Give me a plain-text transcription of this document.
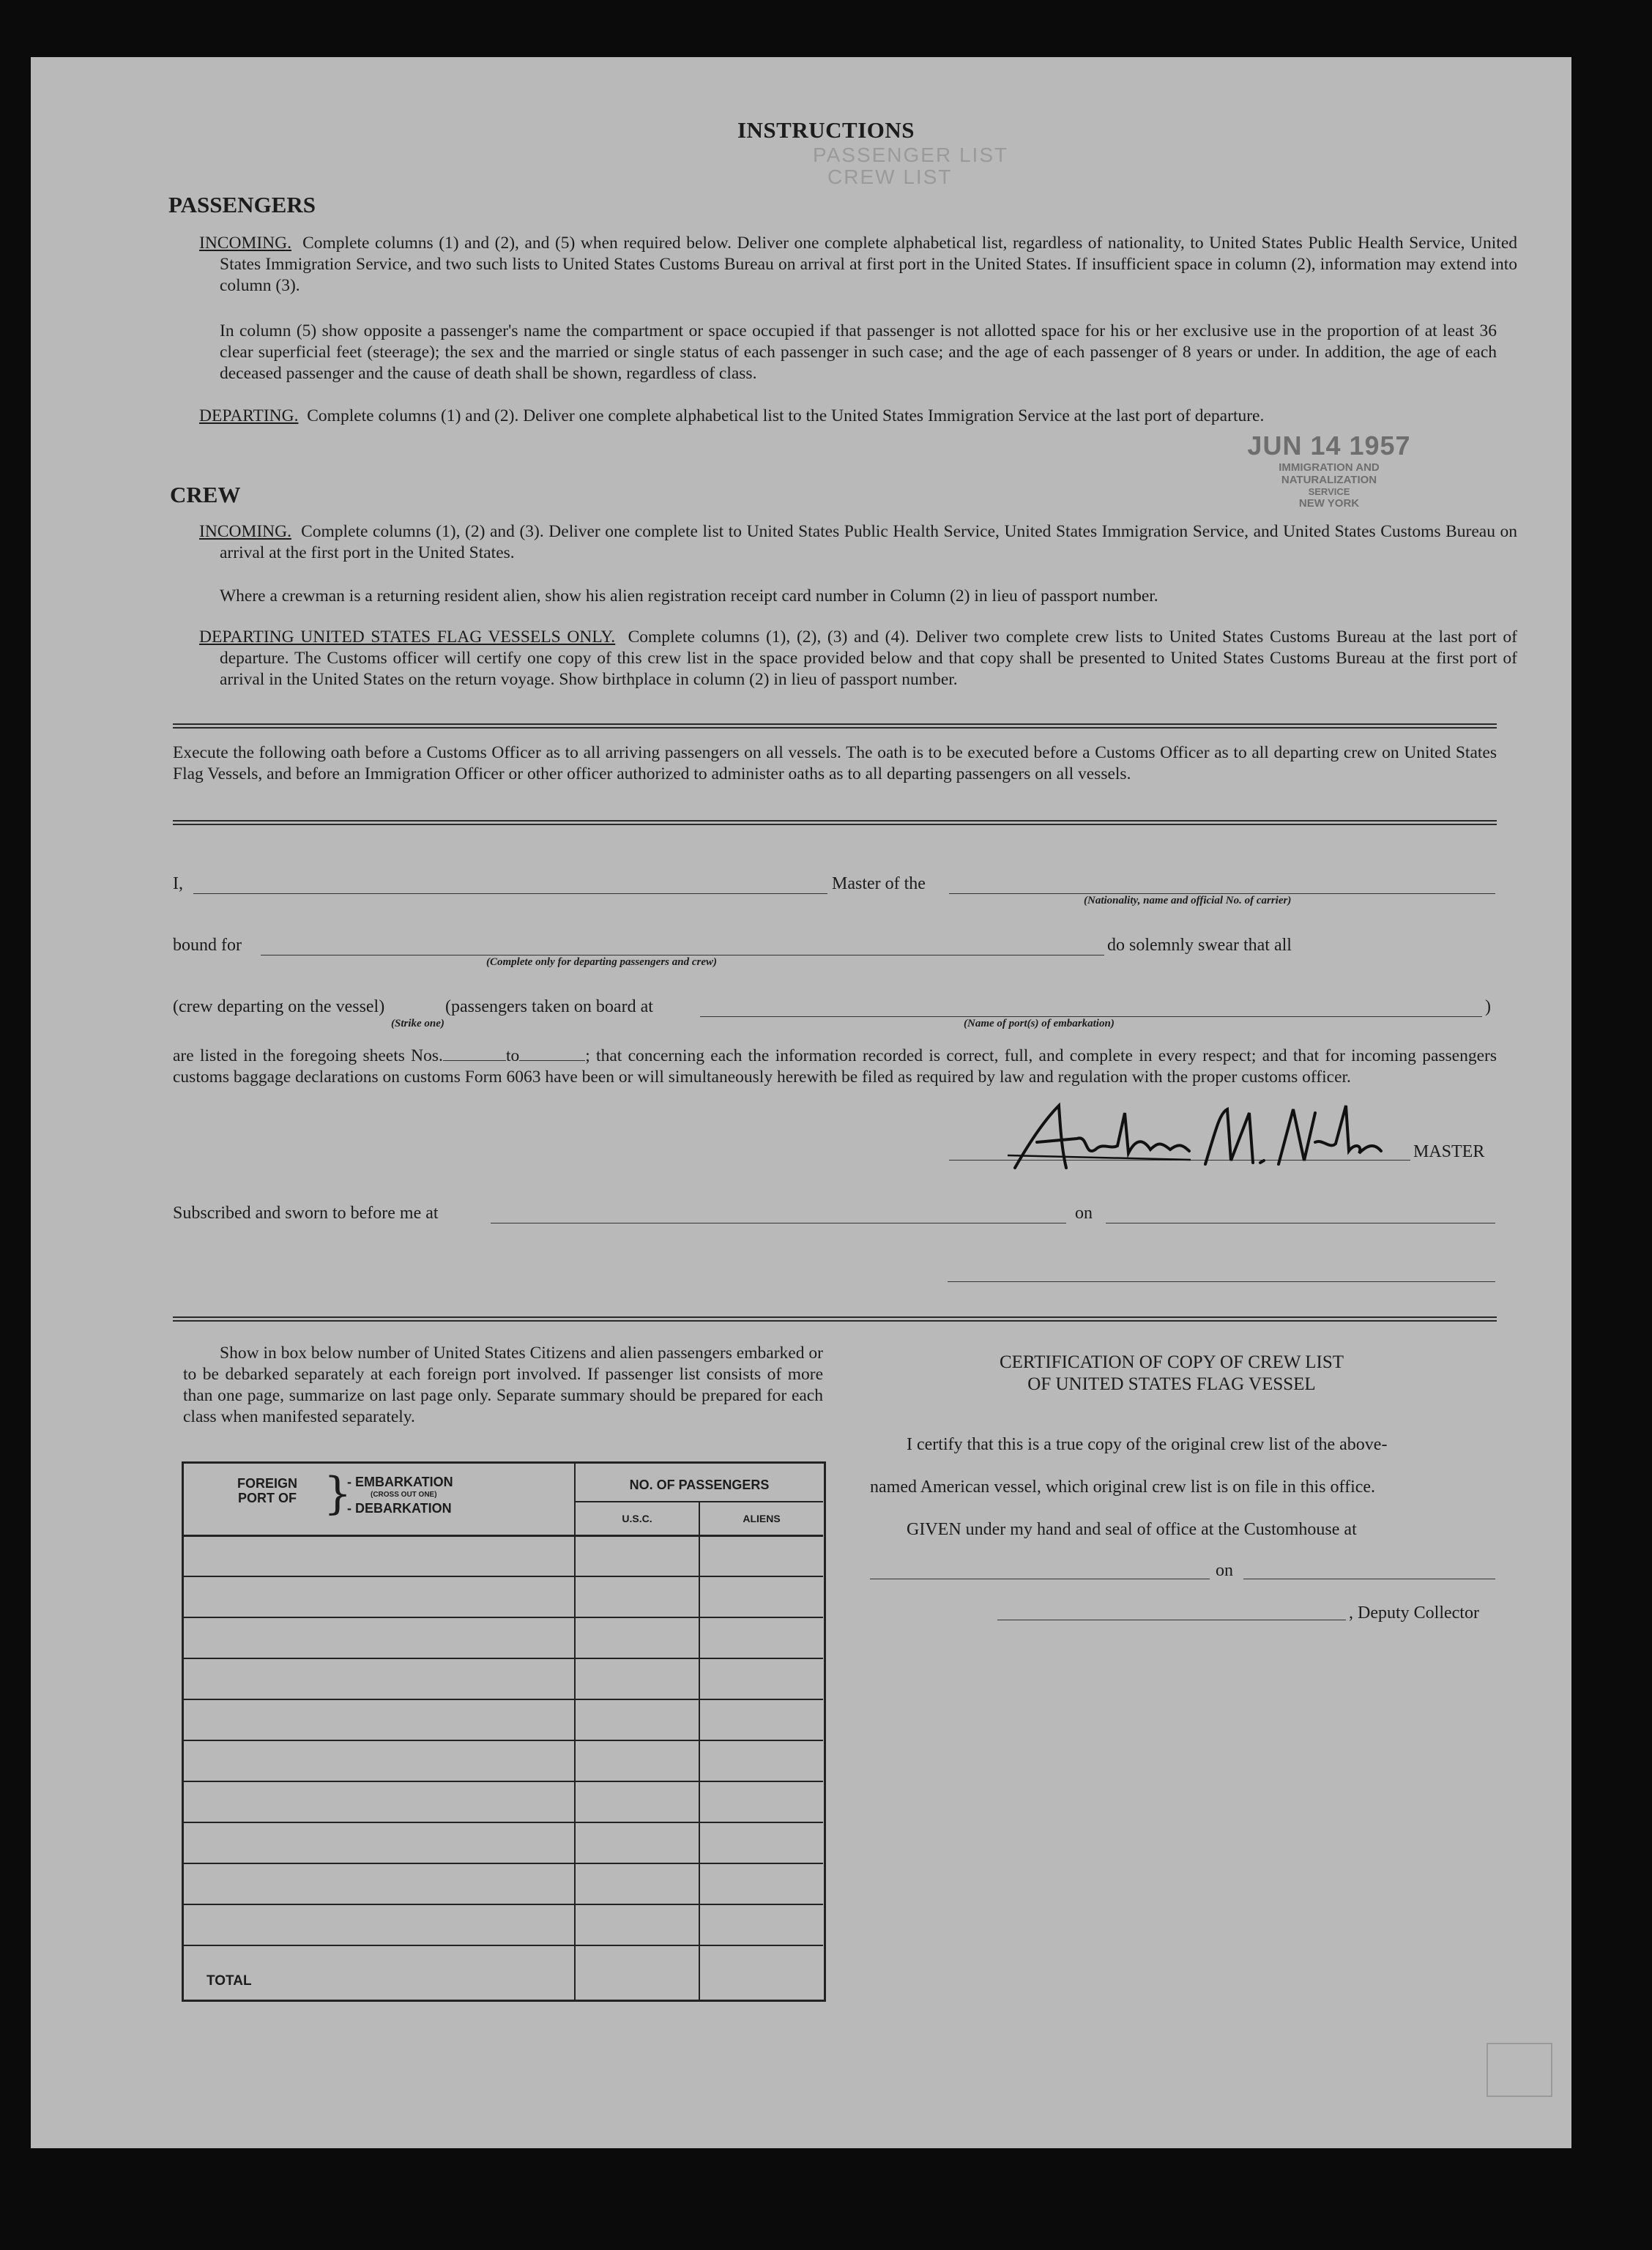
PASSENGER LIST
CREW LIST
INSTRUCTIONS
PASSENGERS
INCOMING. Complete columns (1) and (2), and (5) when required below. Deliver one complete alphabetical list, regardless of nationality, to United States Public Health Service, United States Immigration Service, and two such lists to United States Customs Bureau on arrival at first port in the United States. If insufficient space in column (2), information may extend into column (3).
In column (5) show opposite a passenger's name the compartment or space occupied if that passenger is not allotted space for his or her exclusive use in the proportion of at least 36 clear superficial feet (steerage); the sex and the married or single status of each passenger in such case; and the age of each passenger of 8 years or under. In addition, the age of each deceased passenger and the cause of death shall be shown, regardless of class.
DEPARTING. Complete columns (1) and (2). Deliver one complete alphabetical list to the United States Immigration Service at the last port of departure.
JUN 14 1957
IMMIGRATION AND
NATURALIZATION
SERVICE
NEW YORK
CREW
INCOMING. Complete columns (1), (2) and (3). Deliver one complete list to United States Public Health Service, United States Immigration Service, and United States Customs Bureau on arrival at the first port in the United States.
Where a crewman is a returning resident alien, show his alien registration receipt card number in Column (2) in lieu of passport number.
DEPARTING UNITED STATES FLAG VESSELS ONLY. Complete columns (1), (2), (3) and (4). Deliver two complete crew lists to United States Customs Bureau at the last port of departure. The Customs officer will certify one copy of this crew list in the space provided below and that copy shall be presented to United States Customs Bureau at the first port of arrival in the United States on the return voyage. Show birthplace in column (2) in lieu of passport number.
Execute the following oath before a Customs Officer as to all arriving passengers on all vessels. The oath is to be executed before a Customs Officer as to all departing crew on United States Flag Vessels, and before an Immigration Officer or other officer authorized to administer oaths as to all departing passengers on all vessels.
I,	Master of the
(Nationality, name and official No. of carrier)
bound for
(Complete only for departing passengers and crew)
do solemnly swear that all
(crew departing on the vessel)	(passengers taken on board at	)
(Strike one)	(Name of port(s) of embarkation)
are listed in the foregoing sheets Nos.	to	; that concerning each the information recorded is correct, full, and complete in every respect; and that for incoming passengers customs baggage declarations on customs Form 6063 have been or will simultaneously herewith be filed as required by law and regulation with the proper customs officer.
MASTER
Subscribed and sworn to before me at	on
Show in box below number of United States Citizens and alien passengers embarked or to be debarked separately at each foreign port involved. If passenger list consists of more than one page, summarize on last page only. Separate summary should be prepared for each class when manifested separately.
FOREIGN PORT OF }
- EMBARKATION
(CROSS OUT ONE)
- DEBARKATION
NO. OF PASSENGERS
U.S.C.	ALIENS
TOTAL
CERTIFICATION OF COPY OF CREW LIST
OF UNITED STATES FLAG VESSEL
I certify that this is a true copy of the original crew list of the above-
named American vessel, which original crew list is on file in this office.
GIVEN under my hand and seal of office at the Customhouse at
on
, Deputy Collector
